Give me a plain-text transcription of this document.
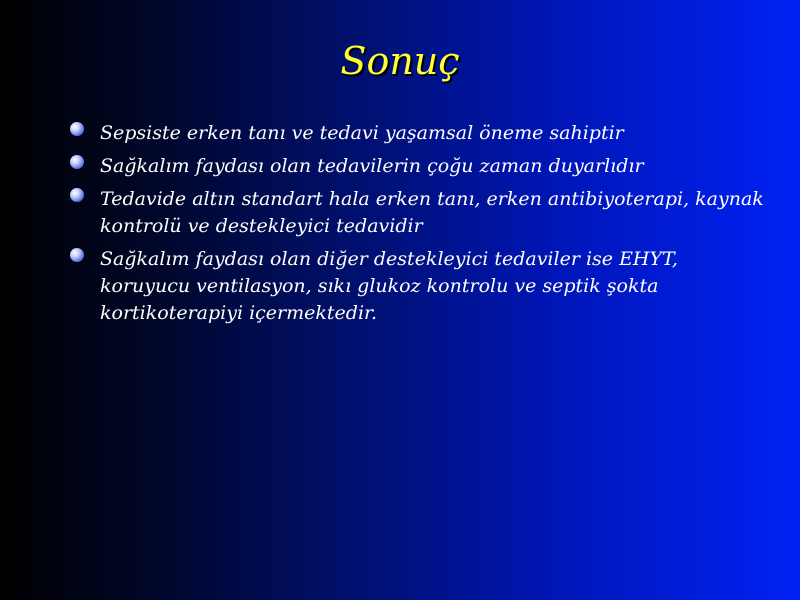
Sonuç
Sepsiste erken tanı ve tedavi yaşamsal öneme sahiptir
Sağkalım faydası olan tedavilerin çoğu zaman duyarlıdır
Tedavide altın standart hala erken tanı, erken antibiyoterapi, kaynak kontrolü ve destekleyici tedavidir
Sağkalım faydası olan diğer destekleyici tedaviler ise EHYT, koruyucu ventilasyon, sıkı glukoz kontrolu ve septik şokta kortikoterapiyi içermektedir.
